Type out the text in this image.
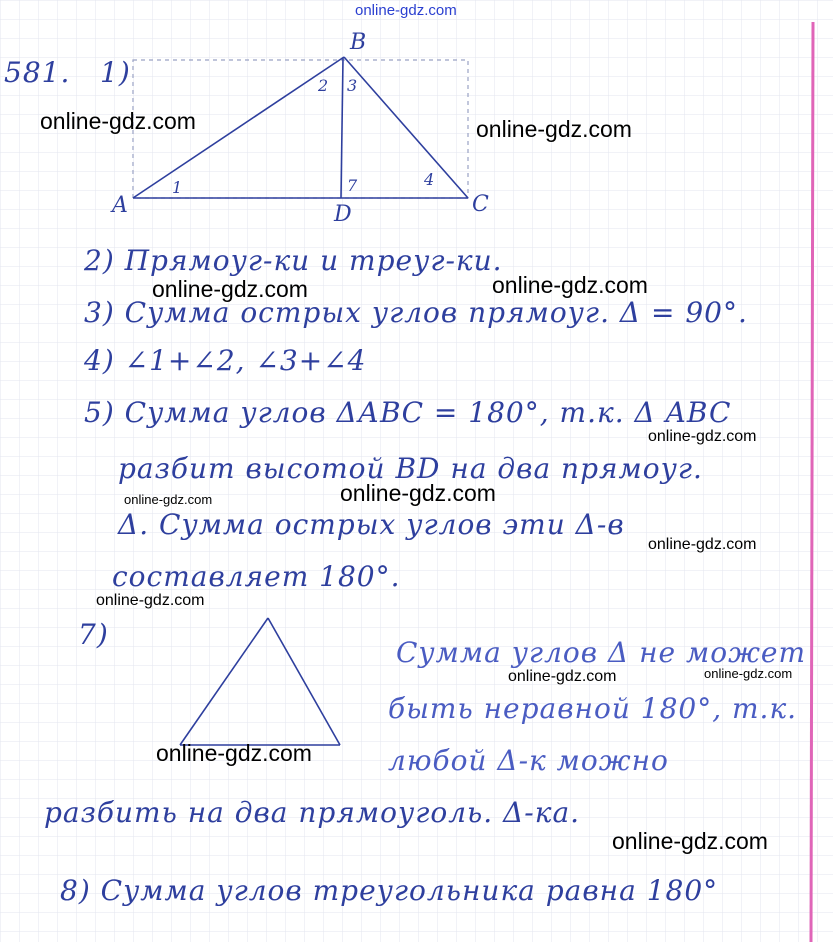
online-gdz.com
581. 1)
B
A	C
D
2 3
1	4
7
2) Прямоуг-ки и треуг-ки.
3) Сумма острых углов прямоуг. Δ = 90°.
4) ∠1+∠2, ∠3+∠4
5) Сумма углов ΔАВС = 180°, т.к. Δ ABC
разбит высотой BD на два прямоуг.
Δ. Сумма острых углов эти Δ-в
составляет 180°.
7)
Сумма углов Δ не может
быть неравной 180°, т.к.
любой Δ-к можно
разбить на два прямоуголь. Δ-ка.
8) Сумма углов треугольника равна 180°
online-gdz.com	online-gdz.com
online-gdz.com	online-gdz.com
online-gdz.com
online-gdz.com
online-gdz.com
online-gdz.com
online-gdz.com
online-gdz.com	online-gdz.com
online-gdz.com
online-gdz.com
